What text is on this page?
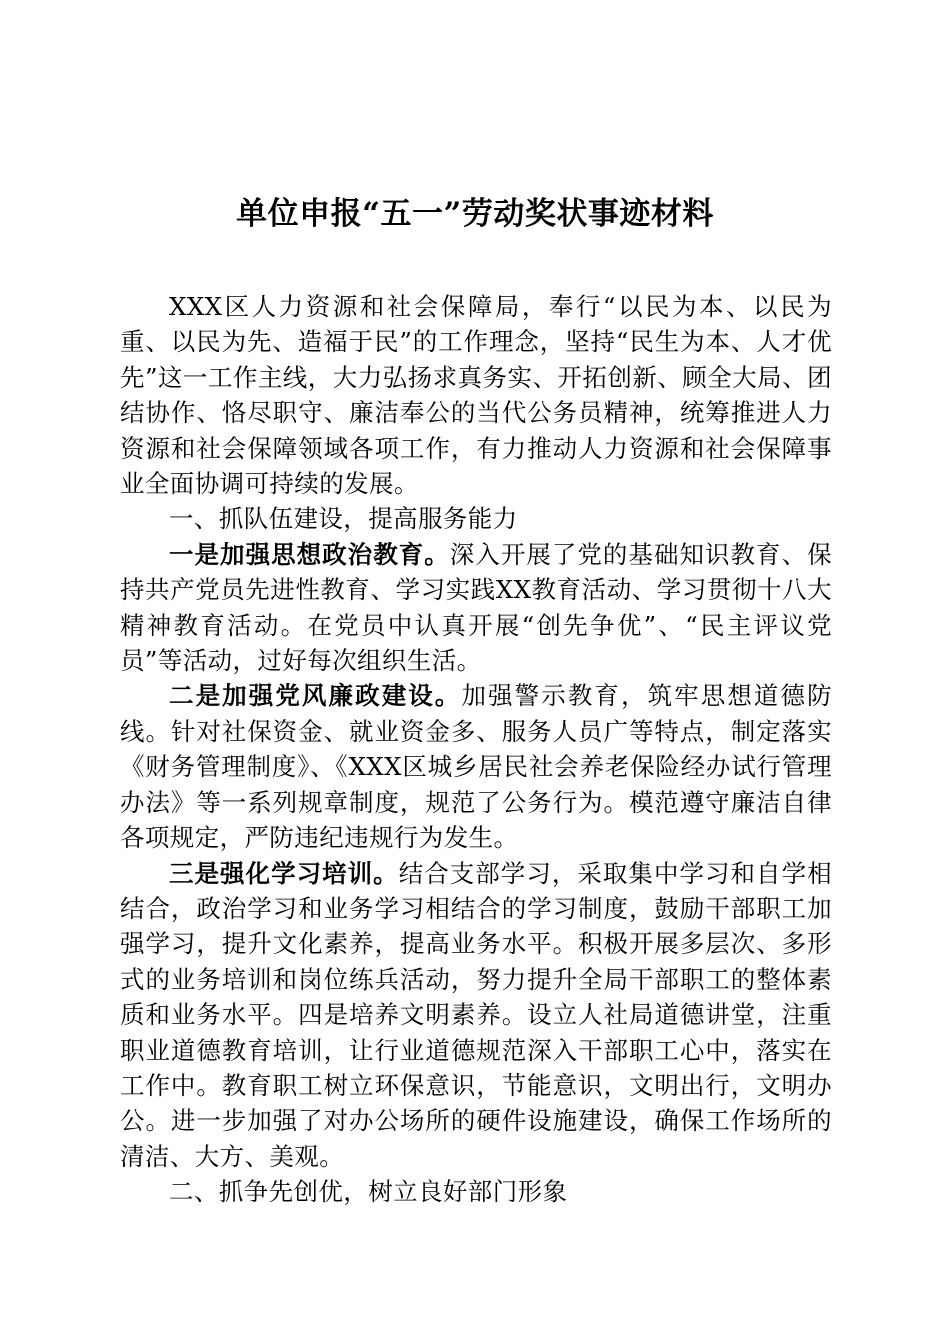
单位申报“五一”劳动奖状事迹材料

XXX区人力资源和社会保障局，奉行“以民为本、以民为重、以民为先、造福于民”的工作理念，坚持“民生为本、人才优先”这一工作主线，大力弘扬求真务实、开拓创新、顾全大局、团结协作、恪尽职守、廉洁奉公的当代公务员精神，统筹推进人力资源和社会保障领域各项工作，有力推动人力资源和社会保障事业全面协调可持续的发展。

一、抓队伍建设，提高服务能力

一是加强思想政治教育。深入开展了党的基础知识教育、保持共产党员先进性教育、学习实践XX教育活动、学习贯彻十八大精神教育活动。在党员中认真开展“创先争优”、“民主评议党员”等活动，过好每次组织生活。

二是加强党风廉政建设。加强警示教育，筑牢思想道德防线。针对社保资金、就业资金多、服务人员广等特点，制定落实《财务管理制度》、《XXX区城乡居民社会养老保险经办试行管理办法》等一系列规章制度，规范了公务行为。模范遵守廉洁自律各项规定，严防违纪违规行为发生。

三是强化学习培训。结合支部学习，采取集中学习和自学相结合，政治学习和业务学习相结合的学习制度，鼓励干部职工加强学习，提升文化素养，提高业务水平。积极开展多层次、多形式的业务培训和岗位练兵活动，努力提升全局干部职工的整体素质和业务水平。四是培养文明素养。设立人社局道德讲堂，注重职业道德教育培训，让行业道德规范深入干部职工心中，落实在工作中。教育职工树立环保意识，节能意识，文明出行，文明办公。进一步加强了对办公场所的硬件设施建设，确保工作场所的清洁、大方、美观。

二、抓争先创优，树立良好部门形象
